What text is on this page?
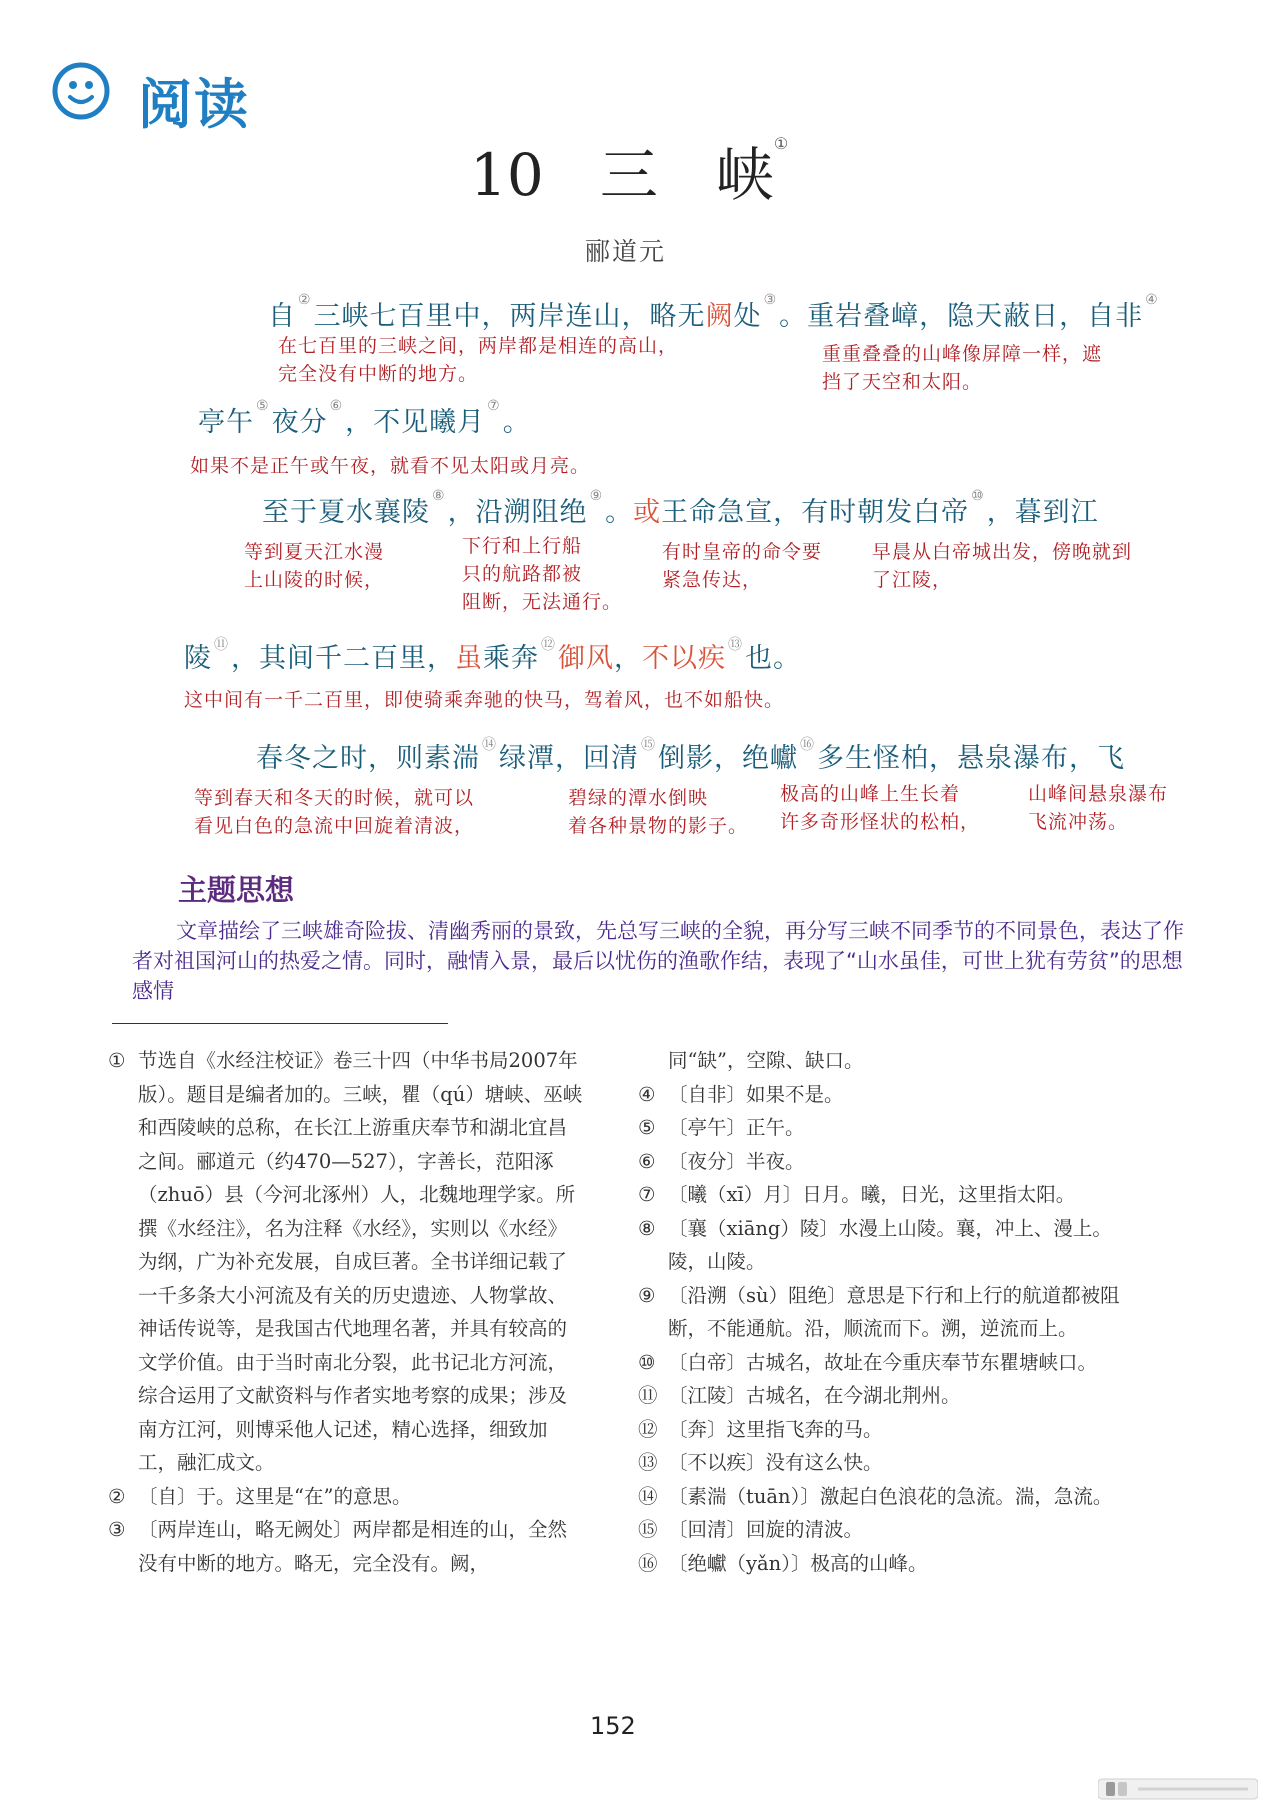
阅读
10 三 峡①
郦道元
自②三峡七百里中，两岸连山，略无阙处③。重岩叠嶂，隐天蔽日，自非④
在七百里的三峡之间，两岸都是相连的高山，
完全没有中断的地方。
重重叠叠的山峰像屏障一样，遮
挡了天空和太阳。
亭午⑤夜分⑥，不见曦月⑦。
如果不是正午或午夜，就看不见太阳或月亮。
至于夏水襄陵⑧，沿溯阻绝⑨。或王命急宣，有时朝发白帝⑩，暮到江
等到夏天江水漫
上山陵的时候，
下行和上行船
只的航路都被
阻断，无法通行。
有时皇帝的命令要
紧急传达，
早晨从白帝城出发，傍晚就到
了江陵，
陵 ⑪，其间千二百里，虽乘奔 ⑫御风，不以疾 ⑬也。
这中间有一千二百里，即使骑乘奔驰的快马，驾着风，也不如船快。
春冬之时，则素湍 ⑭绿潭，回清 ⑮倒影，绝巘 ⑯多生怪柏，悬泉瀑布，飞
等到春天和冬天的时候，就可以
看见白色的急流中回旋着清波，
碧绿的潭水倒映
着各种景物的影子。
极高的山峰上生长着
许多奇形怪状的松柏，
山峰间悬泉瀑布
飞流冲荡。
主题思想
文章描绘了三峡雄奇险拔、清幽秀丽的景致，先总写三峡的全貌，再分写三峡不同季节的不同景色，表达了作者对祖国河山的热爱之情。同时，融情入景，最后以忧伤的渔歌作结，表现了“山水虽佳，可世上犹有劳贫”的思想感情
① 节选自《水经注校证》卷三十四（中华书局2007年版）。题目是编者加的。三峡，瞿（qú）塘峡、巫峡和西陵峡的总称，在长江上游重庆奉节和湖北宜昌之间。郦道元（约470—527），字善长，范阳涿（zhuō）县（今河北涿州）人，北魏地理学家。所撰《水经注》，名为注释《水经》，实则以《水经》为纲，广为补充发展，自成巨著。全书详细记载了一千多条大小河流及有关的历史遗迹、人物掌故、神话传说等，是我国古代地理名著，并具有较高的文学价值。由于当时南北分裂，此书记北方河流，综合运用了文献资料与作者实地考察的成果；涉及南方江河，则博采他人记述，精心选择，细致加工，融汇成文。
② 〔自〕于。这里是“在”的意思。
③ 〔两岸连山，略无阙处〕两岸都是相连的山，全然没有中断的地方。略无，完全没有。阙，
同“缺”，空隙、缺口。
④ 〔自非〕如果不是。
⑤ 〔亭午〕正午。
⑥ 〔夜分〕半夜。
⑦ 〔曦（xī）月〕日月。曦，日光，这里指太阳。
⑧ 〔襄（xiāng）陵〕水漫上山陵。襄，冲上、漫上。陵，山陵。
⑨ 〔沿溯（sù）阻绝〕意思是下行和上行的航道都被阻断，不能通航。沿，顺流而下。溯，逆流而上。
⑩ 〔白帝〕古城名，故址在今重庆奉节东瞿塘峡口。
⑪ 〔江陵〕古城名，在今湖北荆州。
⑫ 〔奔〕这里指飞奔的马。
⑬ 〔不以疾〕没有这么快。
⑭ 〔素湍（tuān）〕激起白色浪花的急流。湍，急流。
⑮ 〔回清〕回旋的清波。
⑯ 〔绝巘（yǎn）〕极高的山峰。
152
